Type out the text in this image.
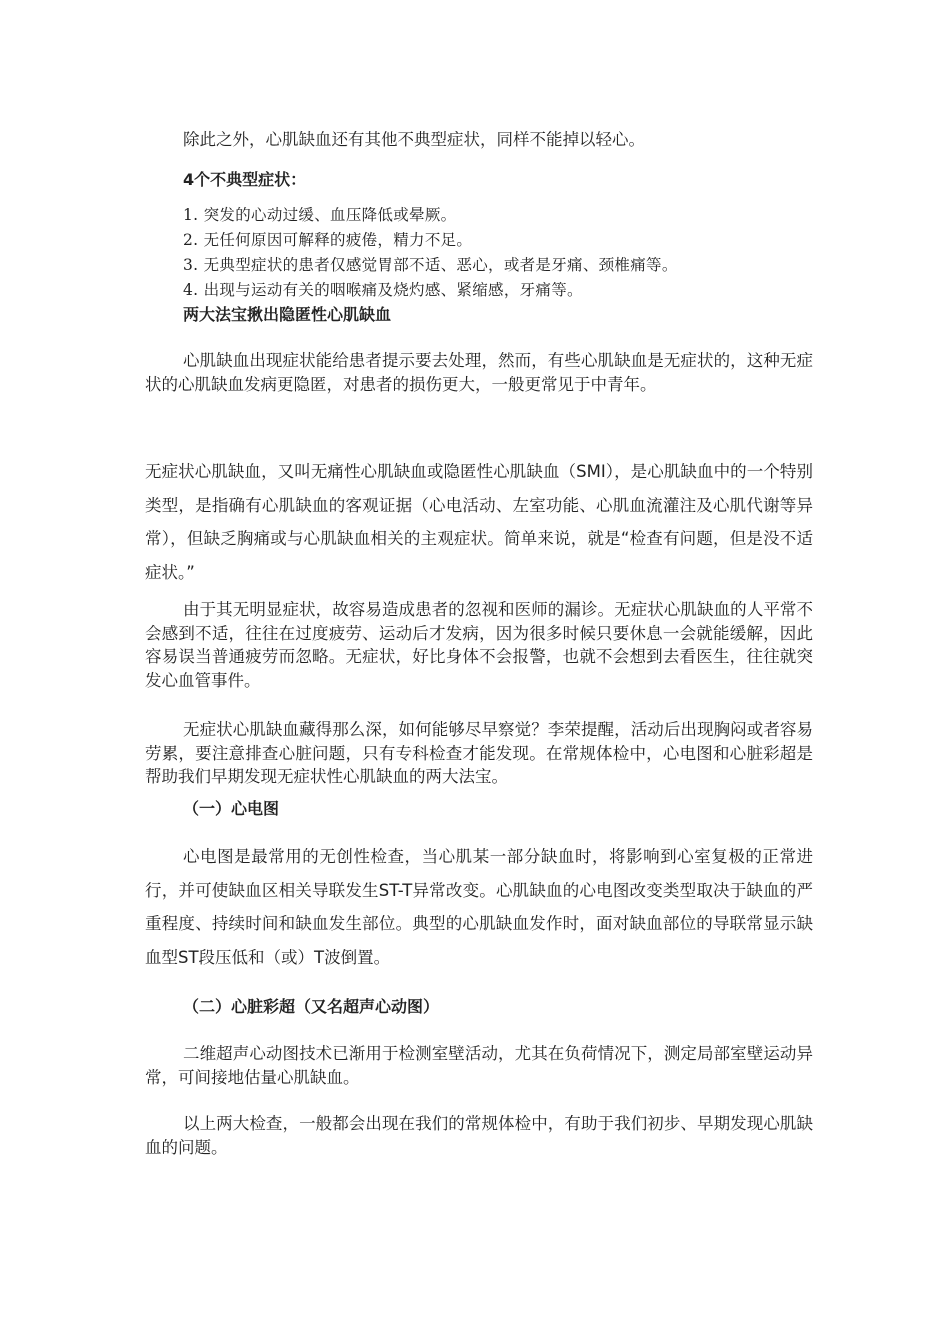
除此之外，心肌缺血还有其他不典型症状，同样不能掉以轻心。

4个不典型症状：

1. 突发的心动过缓、血压降低或晕厥。

2. 无任何原因可解释的疲倦，精力不足。

3. 无典型症状的患者仅感觉胃部不适、恶心，或者是牙痛、颈椎痛等。

4. 出现与运动有关的咽喉痛及烧灼感、紧缩感，牙痛等。

两大法宝揪出隐匿性心肌缺血

心肌缺血出现症状能给患者提示要去处理，然而，有些心肌缺血是无症状的，这种无症状的心肌缺血发病更隐匿，对患者的损伤更大，一般更常见于中青年。

无症状心肌缺血，又叫无痛性心肌缺血或隐匿性心肌缺血（SMI），是心肌缺血中的一个特别类型，是指确有心肌缺血的客观证据（心电活动、左室功能、心肌血流灌注及心肌代谢等异常），但缺乏胸痛或与心肌缺血相关的主观症状。简单来说，就是“检查有问题，但是没不适症状。”

由于其无明显症状，故容易造成患者的忽视和医师的漏诊。无症状心肌缺血的人平常不会感到不适，往往在过度疲劳、运动后才发病，因为很多时候只要休息一会就能缓解，因此容易误当普通疲劳而忽略。无症状，好比身体不会报警，也就不会想到去看医生，往往就突发心血管事件。

无症状心肌缺血藏得那么深，如何能够尽早察觉？李荣提醒，活动后出现胸闷或者容易劳累，要注意排查心脏问题，只有专科检查才能发现。在常规体检中，心电图和心脏彩超是帮助我们早期发现无症状性心肌缺血的两大法宝。

（一）心电图

心电图是最常用的无创性检查，当心肌某一部分缺血时，将影响到心室复极的正常进行，并可使缺血区相关导联发生ST-T异常改变。心肌缺血的心电图改变类型取决于缺血的严重程度、持续时间和缺血发生部位。典型的心肌缺血发作时，面对缺血部位的导联常显示缺血型ST段压低和（或）T波倒置。

（二）心脏彩超（又名超声心动图）

二维超声心动图技术已渐用于检测室壁活动，尤其在负荷情况下，测定局部室壁运动异常，可间接地估量心肌缺血。

以上两大检查，一般都会出现在我们的常规体检中，有助于我们初步、早期发现心肌缺血的问题。
